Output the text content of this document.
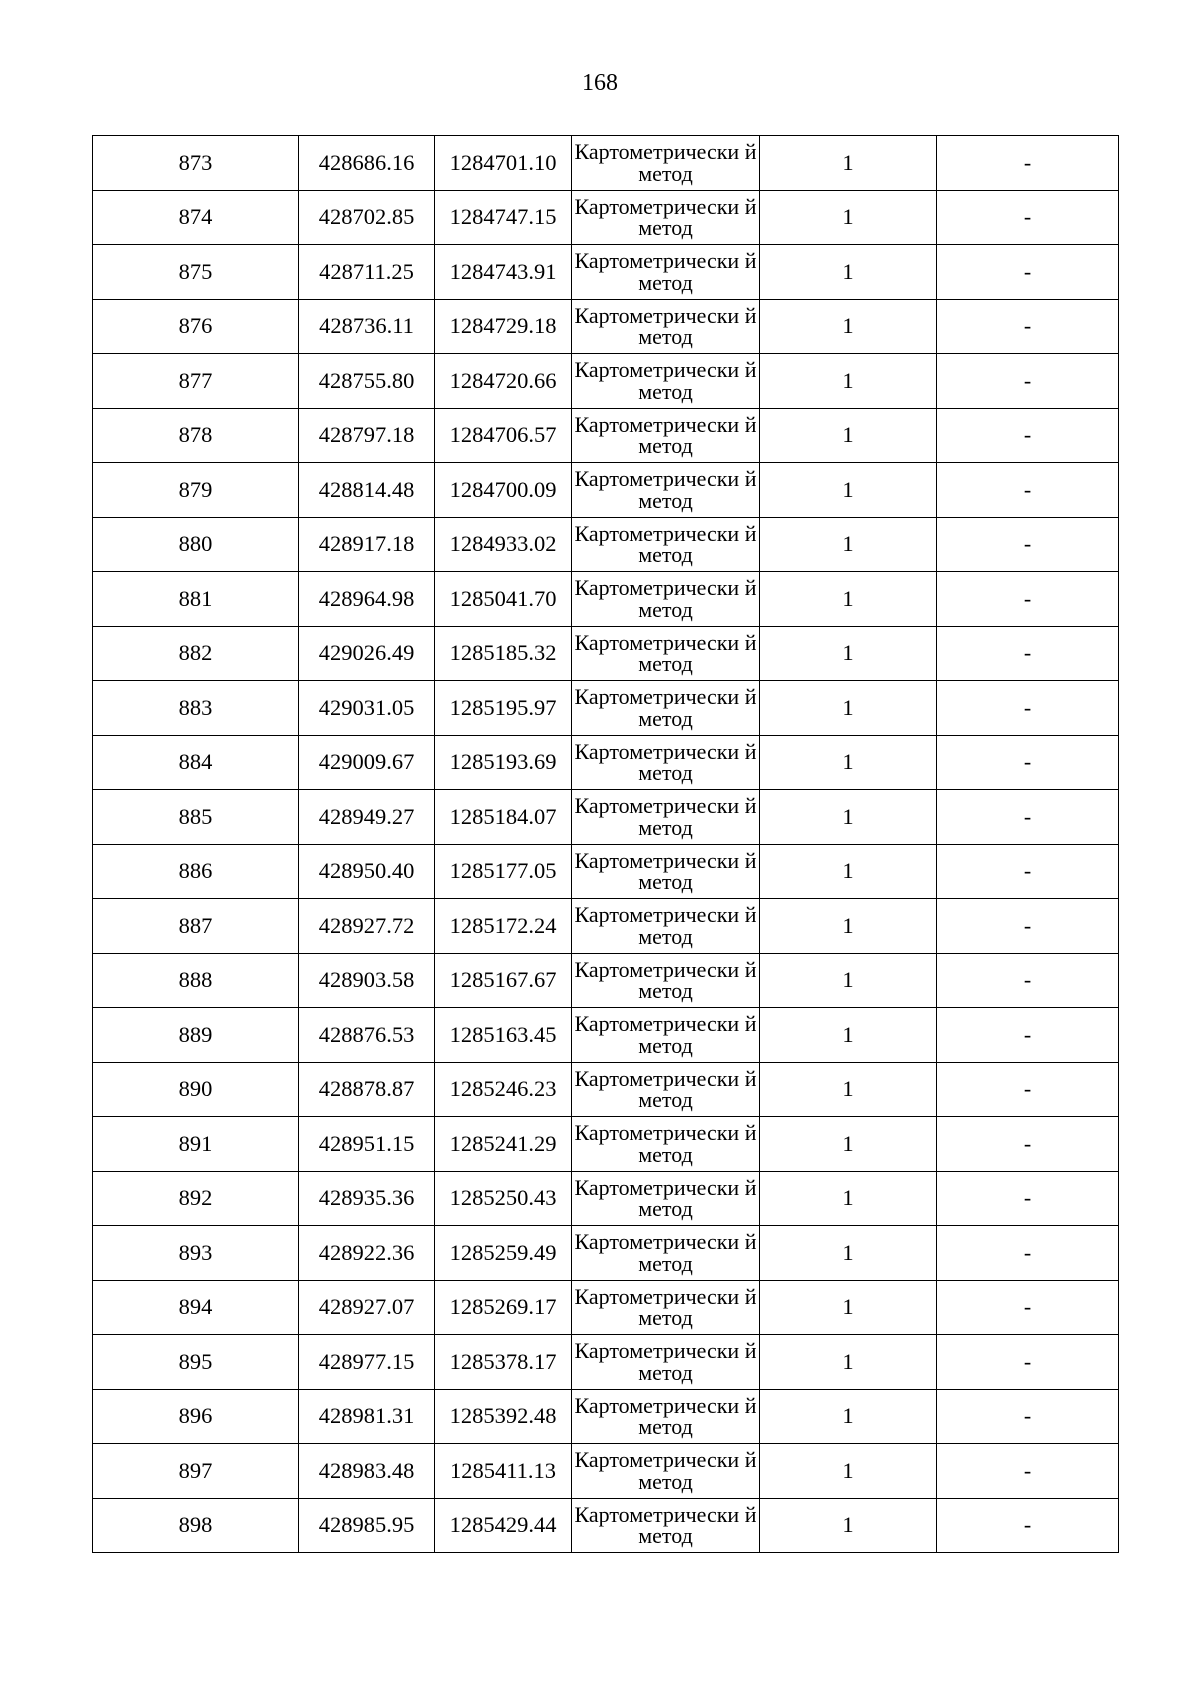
168
873	428686.16	1284701.10	Картометрически й метод	1	-
874	428702.85	1284747.15	Картометрически й метод	1	-
875	428711.25	1284743.91	Картометрически й метод	1	-
876	428736.11	1284729.18	Картометрически й метод	1	-
877	428755.80	1284720.66	Картометрически й метод	1	-
878	428797.18	1284706.57	Картометрически й метод	1	-
879	428814.48	1284700.09	Картометрически й метод	1	-
880	428917.18	1284933.02	Картометрически й метод	1	-
881	428964.98	1285041.70	Картометрически й метод	1	-
882	429026.49	1285185.32	Картометрически й метод	1	-
883	429031.05	1285195.97	Картометрически й метод	1	-
884	429009.67	1285193.69	Картометрически й метод	1	-
885	428949.27	1285184.07	Картометрически й метод	1	-
886	428950.40	1285177.05	Картометрически й метод	1	-
887	428927.72	1285172.24	Картометрически й метод	1	-
888	428903.58	1285167.67	Картометрически й метод	1	-
889	428876.53	1285163.45	Картометрически й метод	1	-
890	428878.87	1285246.23	Картометрически й метод	1	-
891	428951.15	1285241.29	Картометрически й метод	1	-
892	428935.36	1285250.43	Картометрически й метод	1	-
893	428922.36	1285259.49	Картометрически й метод	1	-
894	428927.07	1285269.17	Картометрически й метод	1	-
895	428977.15	1285378.17	Картометрически й метод	1	-
896	428981.31	1285392.48	Картометрически й метод	1	-
897	428983.48	1285411.13	Картометрически й метод	1	-
898	428985.95	1285429.44	Картометрически й метод	1	-
